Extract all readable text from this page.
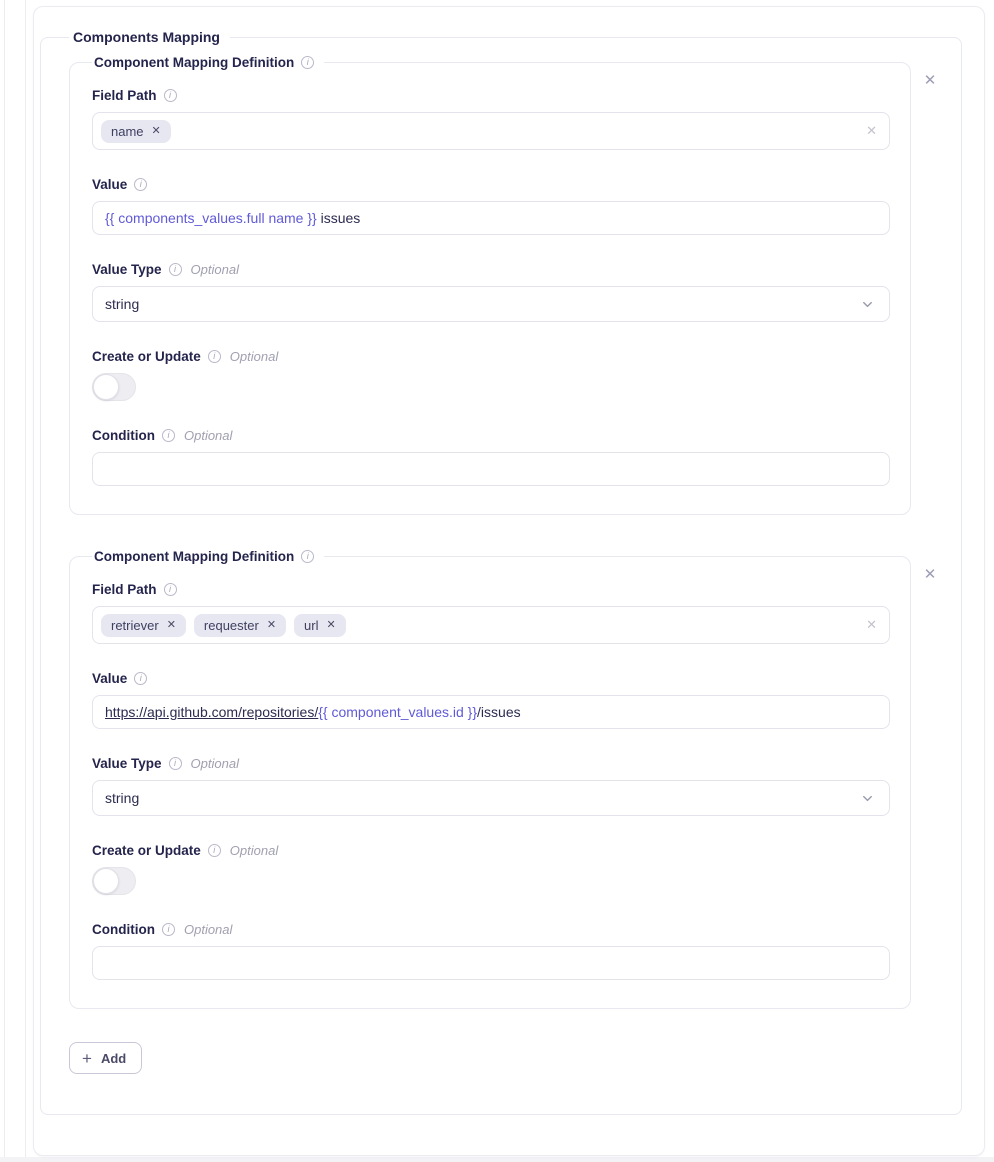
Components Mapping
Component Mapping Definition	i
Field Path	i
name ✕	✕
Value	i
{{ components_values.full name }} issues
Value Type	i	Optional
string
Create or Update	i	Optional
Condition	i	Optional
✕
Component Mapping Definition	i
Field Path	i
retriever ✕ requester ✕ url ✕	✕
Value	i
https://api.github.com/repositories/ {{ component_values.id }} /issues
Value Type	i	Optional
string
Create or Update	i	Optional
Condition	i	Optional
✕
+ Add
